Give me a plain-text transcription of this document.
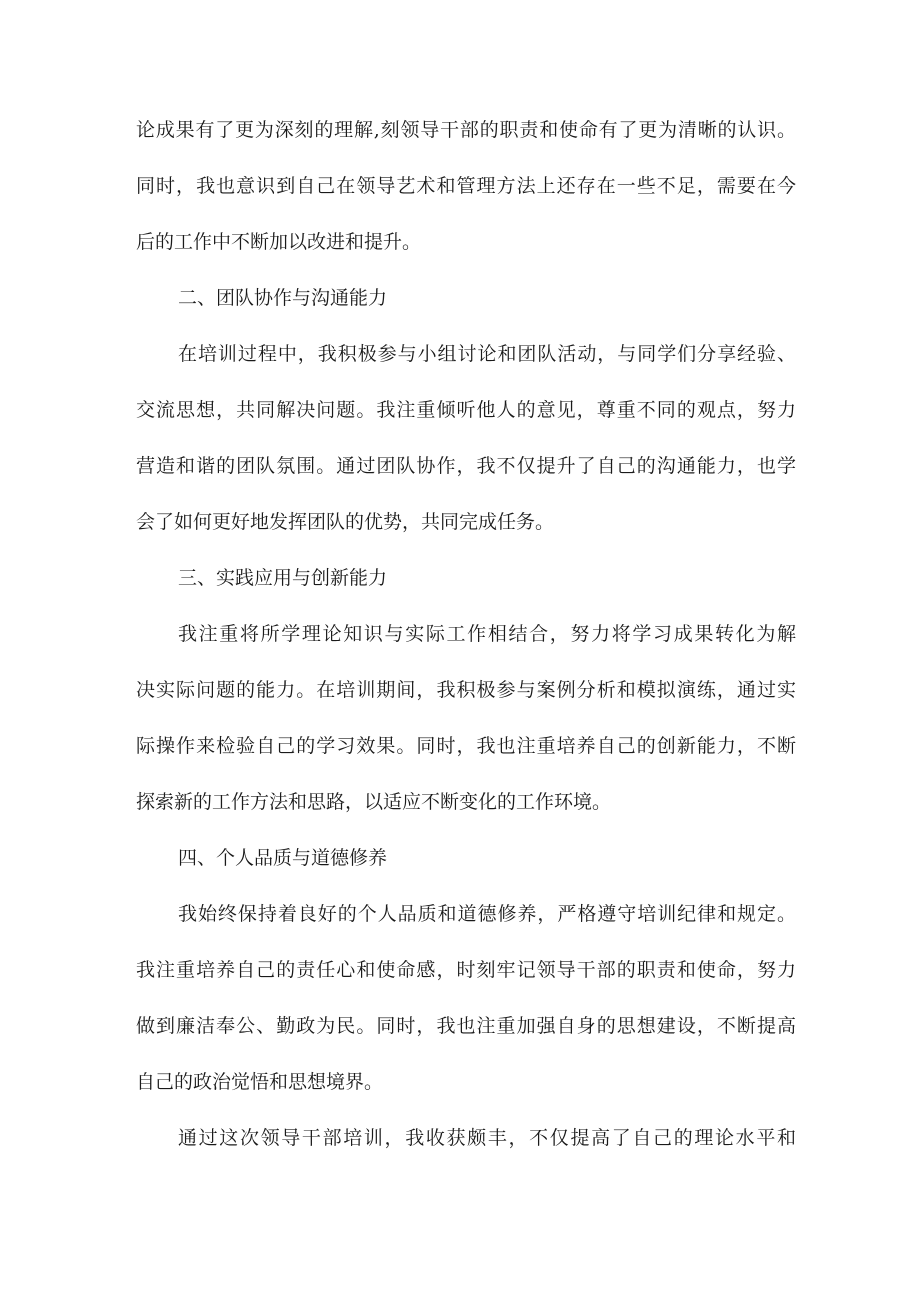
论成果有了更为深刻的理解,刻领导干部的职责和使命有了更为清晰的认识。

同时，我也意识到自己在领导艺术和管理方法上还存在一些不足，需要在今

后的工作中不断加以改进和提升。

二、团队协作与沟通能力

在培训过程中，我积极参与小组讨论和团队活动，与同学们分享经验、

交流思想，共同解决问题。我注重倾听他人的意见，尊重不同的观点，努力

营造和谐的团队氛围。通过团队协作，我不仅提升了自己的沟通能力，也学

会了如何更好地发挥团队的优势，共同完成任务。

三、实践应用与创新能力

我注重将所学理论知识与实际工作相结合，努力将学习成果转化为解

决实际问题的能力。在培训期间，我积极参与案例分析和模拟演练，通过实

际操作来检验自己的学习效果。同时，我也注重培养自己的创新能力，不断

探索新的工作方法和思路，以适应不断变化的工作环境。

四、个人品质与道德修养

我始终保持着良好的个人品质和道德修养，严格遵守培训纪律和规定。

我注重培养自己的责任心和使命感，时刻牢记领导干部的职责和使命，努力

做到廉洁奉公、勤政为民。同时，我也注重加强自身的思想建设，不断提高

自己的政治觉悟和思想境界。

通过这次领导干部培训，我收获颇丰，不仅提高了自己的理论水平和
